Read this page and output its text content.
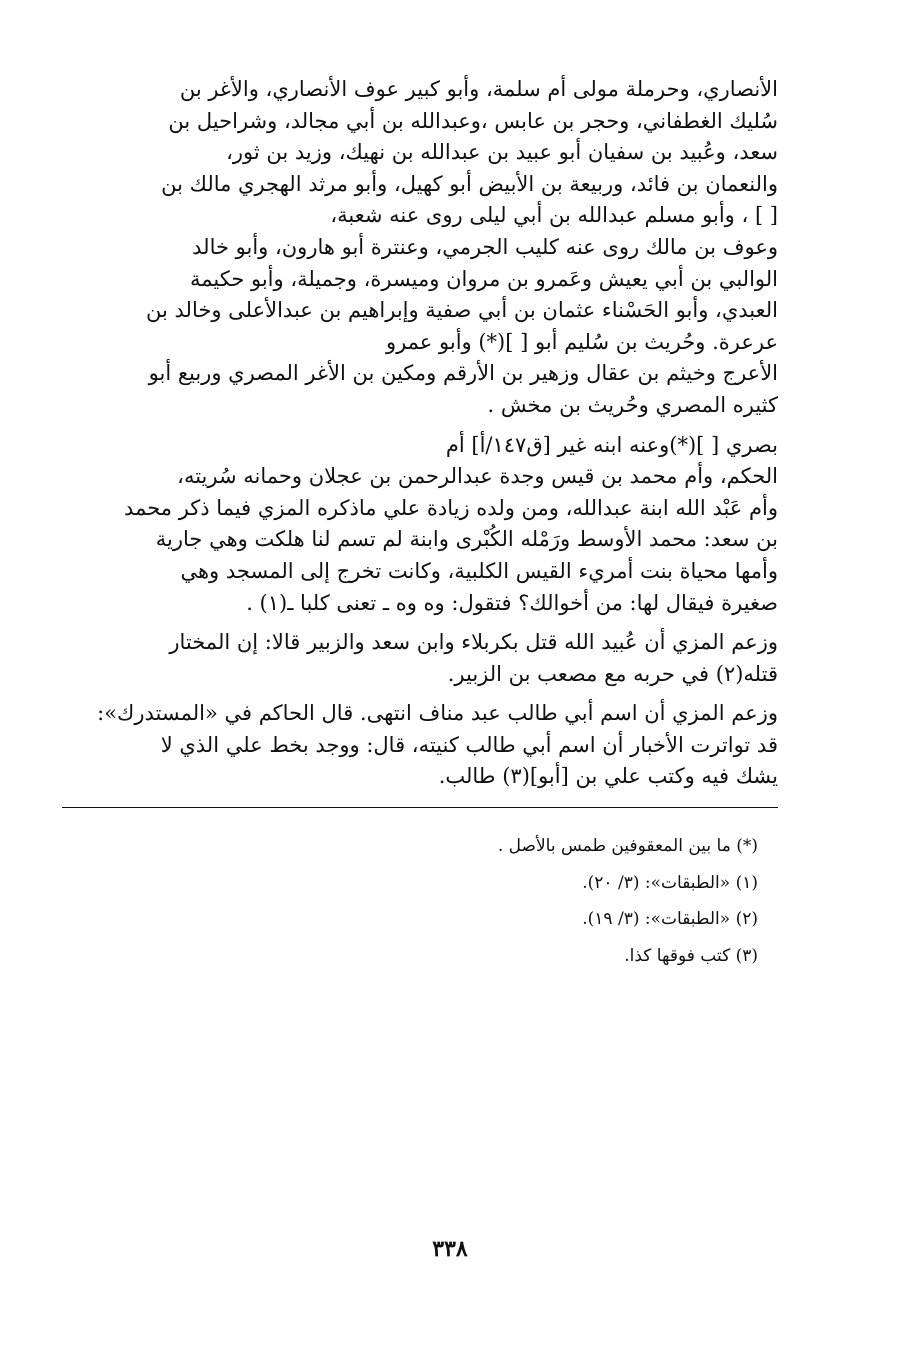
الأنصاري، وحرملة مولى أم سلمة، وأبو كبير عوف الأنصاري، والأغر بن
سُليك الغطفاني، وحجر بن عابس ،وعبدالله بن أبي مجالد، وشراحيل بن
سعد، وعُبيد بن سفيان أبو عبيد بن عبدالله بن نهيك، وزيد بن ثور،
والنعمان بن فائد، وربيعة بن الأبيض أبو كهيل، وأبو مرثد الهجري مالك بن
[ ] ، وأبو مسلم عبدالله بن أبي ليلى روى عنه شعبة،
وعوف بن مالك روى عنه كليب الجرمي، وعنترة أبو هارون، وأبو خالد
الوالبي بن أبي يعيش وعَمرو بن مروان وميسرة، وجميلة، وأبو حكيمة
العبدي، وأبو الحَسْناء عثمان بن أبي صفية وإبراهيم بن عبدالأعلى وخالد بن
عرعرة. وحُريث بن سُليم أبو [ ](*) وأبو عمرو
الأعرج وخيثم بن عقال وزهير بن الأرقم ومكين بن الأغر المصري وربيع أبو
كثيره المصري وحُريث بن مخش .
بصري [ ](*)وعنه ابنه غير [ق١٤٧/أ] أم
الحكم، وأم محمد بن قيس وجدة عبدالرحمن بن عجلان وحمانه سُريته،
وأم عَبْد الله ابنة عبدالله، ومن ولده زيادة علي ماذكره المزي فيما ذكر محمد
بن سعد: محمد الأوسط ورَمْله الكُبْرى وابنة لم تسم لنا هلكت وهي جارية
وأمها محياة بنت أمريء القيس الكلبية، وكانت تخرج إلى المسجد وهي
صغيرة فيقال لها: من أخوالك؟ فتقول: وه وه ـ تعنى كلبا ـ(١) .
وزعم المزي أن عُبيد الله قتل بكربلاء وابن سعد والزبير قالا: إن المختار
قتله(٢) في حربه مع مصعب بن الزبير.
وزعم المزي أن اسم أبي طالب عبد مناف انتهى. قال الحاكم في «المستدرك»:
قد تواترت الأخبار أن اسم أبي طالب كنيته، قال: ووجد بخط علي الذي لا
يشك فيه وكتب علي بن [أبو](٣) طالب.
(*) ما بين المعقوفين طمس بالأصل .
(١) «الطبقات»: (٣/ ٢٠).
(٢) «الطبقات»: (٣/ ١٩).
(٣) كتب فوقها كذا.
٣٣٨
